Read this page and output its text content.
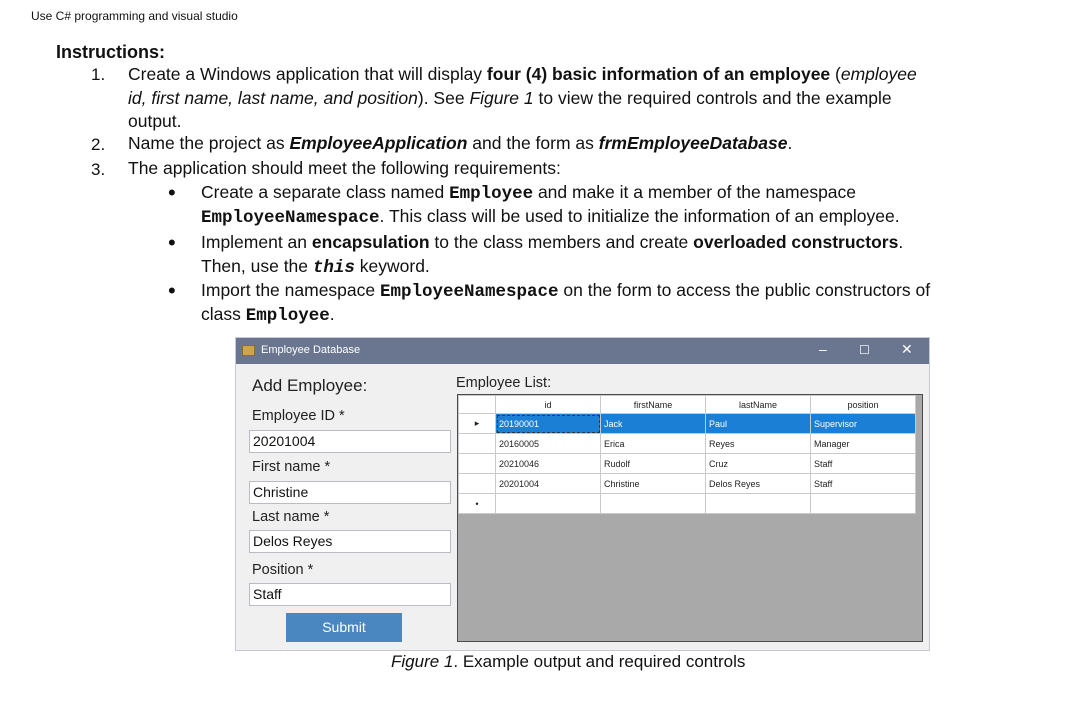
Use C# programming and visual studio
Instructions:
1. Create a Windows application that will display four (4) basic information of an employee (employee
id, first name, last name, and position). See Figure 1 to view the required controls and the example
output.
2. Name the project as EmployeeApplication and the form as frmEmployeeDatabase.
3. The application should meet the following requirements:
• Create a separate class named Employee and make it a member of the namespace
EmployeeNamespace. This class will be used to initialize the information of an employee.
• Implement an encapsulation to the class members and create overloaded constructors.
Then, use the this keyword.
• Import the namespace EmployeeNamespace on the form to access the public constructors of
class Employee.
Employee Database	–	☐ ✕
Add Employee:	Employee List:
Employee ID *
20201004
First name *
Christine
Last name *
Delos Reyes
Position *
Staff
Submit
	id	firstName	lastName	position
▸	20190001	Jack	Paul	Supervisor
	20160005	Erica	Reyes	Manager
	20210046	Rudolf	Cruz	Staff
	20201004	Christine	Delos Reyes	Staff
•				
Figure 1. Example output and required controls
